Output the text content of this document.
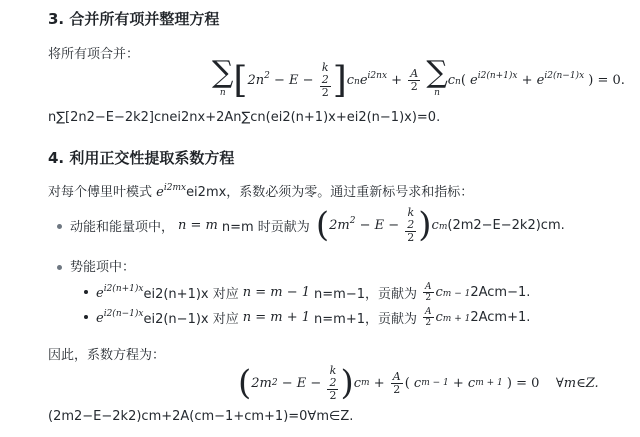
3. 合并所有项并整理方程
将所有项合并：
∑
$^n$ [$2n^2 - E - k$
2
2 ]$cne^{i2nx} + \frac{A}{2}$ ∑
$^n$cn( $e^{i2(n+1)x} + e^{i2(n-1)x}$ ) = 0.
n∑[2n2−E−2k2]cnei2nx+2An∑cn(ei2(n+1)x+ei2(n−1)x)=0.
4. 利用正交性提取系数方程
对每个傅里叶模式 $e^{i2mx}ei2mx$，系数必须为零。通过重新标号求和指标：
动能和能量项中， n = m n=m 时贡献为 ($2m^2 - E - k$
2
2 )cm (2m2−E−2k2)cm.
势能项中：
$e^{i2(n+1)x}$ ei2(n+1)x 对应 n = m − 1 n=m−1，贡献为 $\frac{A}{2}$ cm − 1 2Acm−1.
$e^{i2(n-1)x}$ ei2(n−1)x 对应 n = m + 1 n=m+1，贡献为 $\frac{A}{2}$ cm + 1 2Acm+1.
因此，系数方程为：
( 2m 2
− E −
k
2
2 ) c m
+
$\frac{A}{2}$ ( c m − 1
+ c m + 1
) = 0
∀ m ∈ Z.
(2m2−E−2k2)cm+2A(cm−1+cm+1)=0∀m∈Z.
